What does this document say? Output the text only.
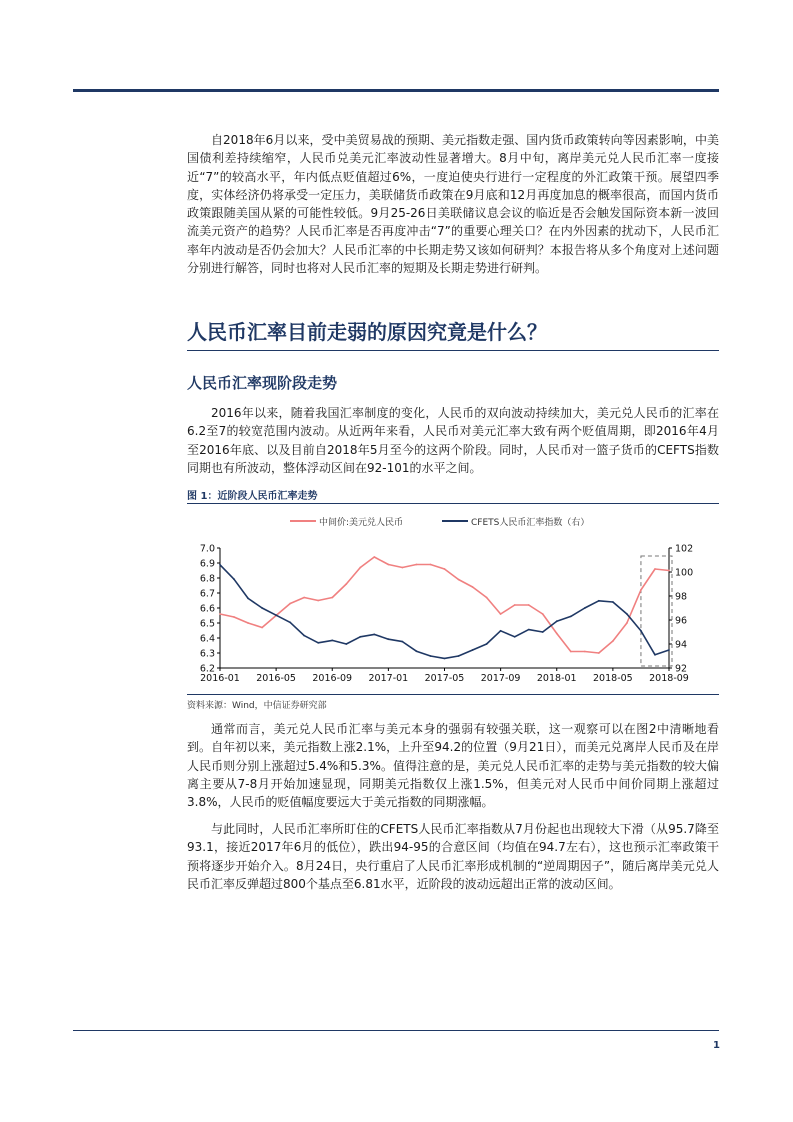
自2018年6月以来，受中美贸易战的预期、美元指数走强、国内货币政策转向等因素影响，中美国债利差持续缩窄，人民币兑美元汇率波动性显著增大。8月中旬，离岸美元兑人民币汇率一度接近“7”的较高水平，年内低点贬值超过6%，一度迫使央行进行一定程度的外汇政策干预。展望四季度，实体经济仍将承受一定压力，美联储货币政策在9月底和12月再度加息的概率很高，而国内货币政策跟随美国从紧的可能性较低。9月25-26日美联储议息会议的临近是否会触发国际资本新一波回流美元资产的趋势？人民币汇率是否再度冲击“7”的重要心理关口？在内外因素的扰动下，人民币汇率年内波动是否仍会加大？人民币汇率的中长期走势又该如何研判？本报告将从多个角度对上述问题分别进行解答，同时也将对人民币汇率的短期及长期走势进行研判。

人民币汇率目前走弱的原因究竟是什么？
人民币汇率现阶段走势

2016年以来，随着我国汇率制度的变化，人民币的双向波动持续加大，美元兑人民币的汇率在6.2至7的较宽范围内波动。从近两年来看，人民币对美元汇率大致有两个贬值周期，即2016年4月至2016年底、以及目前自2018年5月至今的这两个阶段。同时，人民币对一篮子货币的CEFTS指数同期也有所波动，整体浮动区间在92-101的水平之间。

图 1：近阶段人民币汇率走势

中间价:美元兑人民币	CFETS人民币汇率指数（右）
6.2
6.3
6.4
6.5
6.6
6.7
6.8
6.9
7.0
92
94
96
98
100
102
2016-01 2016-05 2016-09 2017-01 2017-05 2017-09 2018-01 2018-05 2018-09

资料来源：Wind，中信证券研究部

通常而言，美元兑人民币汇率与美元本身的强弱有较强关联，这一观察可以在图2中清晰地看到。自年初以来，美元指数上涨2.1%，上升至94.2的位置（9月21日），而美元兑离岸人民币及在岸人民币则分别上涨超过5.4%和5.3%。值得注意的是，美元兑人民币汇率的走势与美元指数的较大偏离主要从7-8月开始加速显现，同期美元指数仅上涨1.5%，但美元对人民币中间价同期上涨超过3.8%，人民币的贬值幅度要远大于美元指数的同期涨幅。

与此同时，人民币汇率所盯住的CFETS人民币汇率指数从7月份起也出现较大下滑（从95.7降至93.1，接近2017年6月的低位），跌出94-95的合意区间（均值在94.7左右），这也预示汇率政策干预将逐步开始介入。8月24日，央行重启了人民币汇率形成机制的“逆周期因子”，随后离岸美元兑人民币汇率反弹超过800个基点至6.81水平，近阶段的波动远超出正常的波动区间。

1
